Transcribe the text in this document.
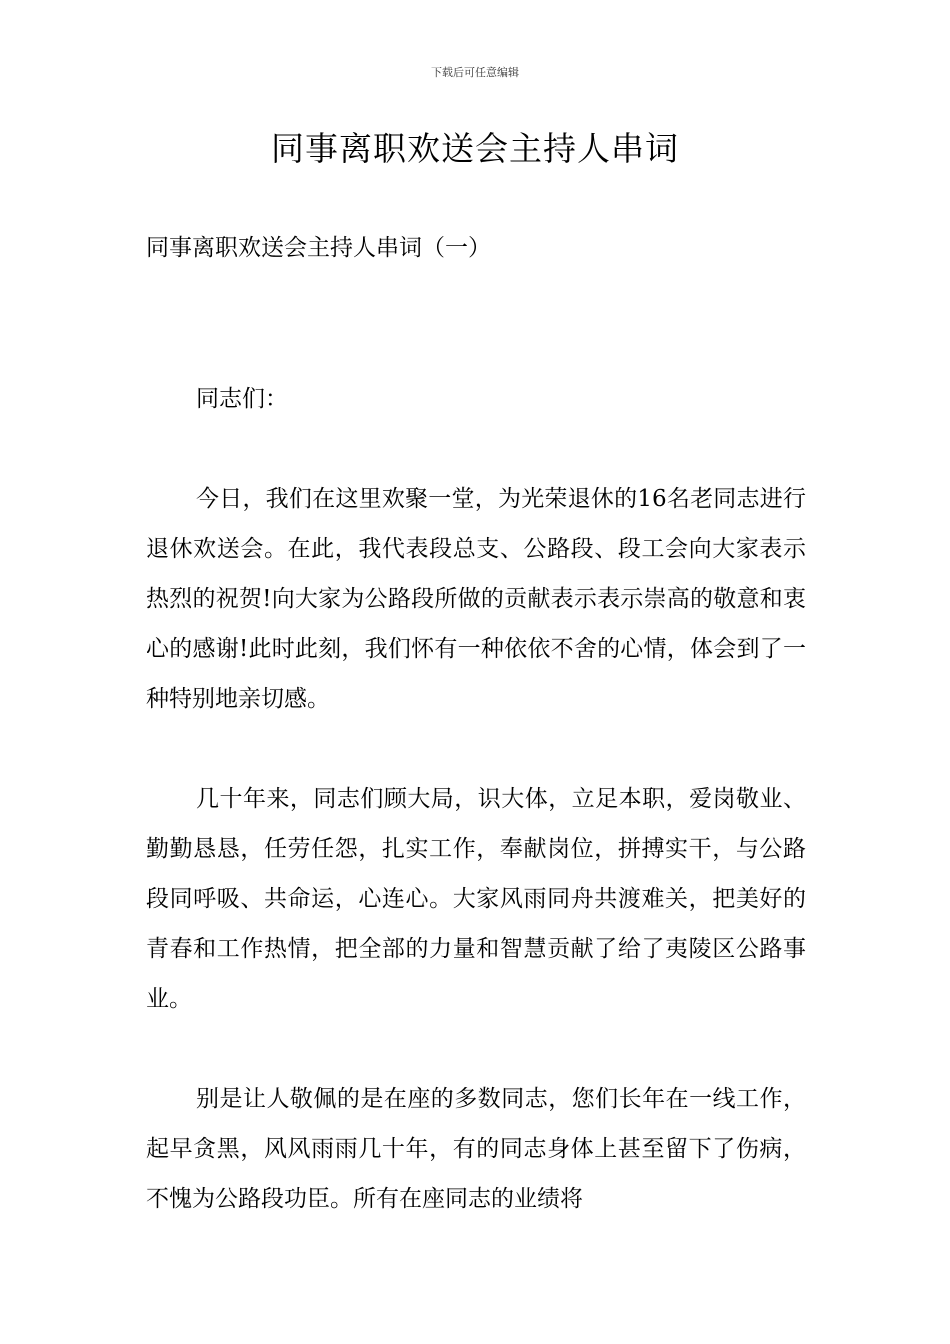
下载后可任意编辑
同事离职欢送会主持人串词
同事离职欢送会主持人串词（一）

同志们：

今日，我们在这里欢聚一堂，为光荣退休的16名老同志进行退休欢送会。在此，我代表段总支、公路段、段工会向大家表示热烈的祝贺!向大家为公路段所做的贡献表示表示崇高的敬意和衷心的感谢!此时此刻，我们怀有一种依依不舍的心情，体会到了一种特别地亲切感。

几十年来，同志们顾大局，识大体，立足本职，爱岗敬业、勤勤恳恳，任劳任怨，扎实工作，奉献岗位，拼搏实干，与公路段同呼吸、共命运，心连心。大家风雨同舟共渡难关，把美好的青春和工作热情，把全部的力量和智慧贡献了给了夷陵区公路事业。

别是让人敬佩的是在座的多数同志，您们长年在一线工作，起早贪黑，风风雨雨几十年，有的同志身体上甚至留下了伤病，不愧为公路段功臣。所有在座同志的业绩将
